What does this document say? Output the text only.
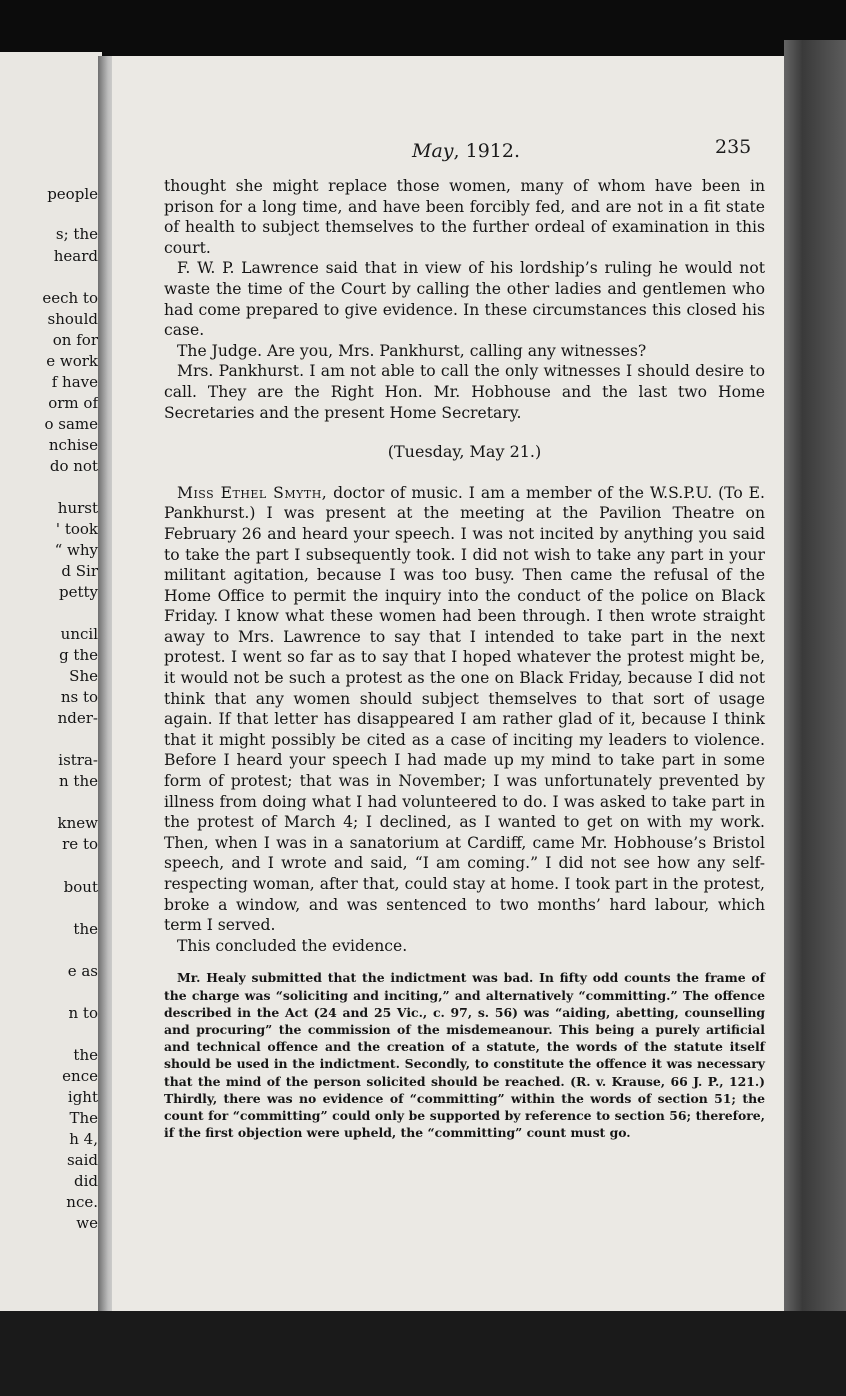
people
s; the
heard
eech to
should
on for
e work
f have
orm of
o same
nchise
do not
hurst
' took
“ why
d Sir
petty
uncil
g the
She
ns to
nder-
istra-
n the
knew
re to
bout
the
e as
n to
the
ence
ight
The
h 4,
said
did
nce.
we
May, 1912.	235

thought she might replace those women, many of whom have been in prison for a long time, and have been forcibly fed, and are not in a fit state of health to subject themselves to the further ordeal of examination in this court.

F. W. P. Lawrence said that in view of his lordship’s ruling he would not waste the time of the Court by calling the other ladies and gentlemen who had come prepared to give evidence. In these circumstances this closed his case.

The Judge. Are you, Mrs. Pankhurst, calling any witnesses?

Mrs. Pankhurst. I am not able to call the only witnesses I should desire to call. They are the Right Hon. Mr. Hobhouse and the last two Home Secretaries and the present Home Secretary.

(Tuesday, May 21.)

Miss Ethel Smyth, doctor of music. I am a member of the W.S.P.U. (To E. Pankhurst.) I was present at the meeting at the Pavilion Theatre on February 26 and heard your speech. I was not incited by anything you said to take the part I subsequently took. I did not wish to take any part in your militant agitation, because I was too busy. Then came the refusal of the Home Office to permit the inquiry into the conduct of the police on Black Friday. I know what these women had been through. I then wrote straight away to Mrs. Lawrence to say that I intended to take part in the next protest. I went so far as to say that I hoped whatever the protest might be, it would not be such a protest as the one on Black Friday, because I did not think that any women should subject themselves to that sort of usage again. If that letter has disappeared I am rather glad of it, because I think that it might possibly be cited as a case of inciting my leaders to violence. Before I heard your speech I had made up my mind to take part in some form of protest; that was in November; I was unfortunately prevented by illness from doing what I had volunteered to do. I was asked to take part in the protest of March 4; I declined, as I wanted to get on with my work. Then, when I was in a sanatorium at Cardiff, came Mr. Hobhouse’s Bristol speech, and I wrote and said, “I am coming.” I did not see how any self-respecting woman, after that, could stay at home. I took part in the protest, broke a window, and was sentenced to two months’ hard labour, which term I served.

This concluded the evidence.

Mr. Healy submitted that the indictment was bad. In fifty odd counts the frame of the charge was “soliciting and inciting,” and alternatively “committing.” The offence described in the Act (24 and 25 Vic., c. 97, s. 56) was “aiding, abetting, counselling and procuring” the commission of the misdemeanour. This being a purely artificial and technical offence and the creation of a statute, the words of the statute itself should be used in the indictment. Secondly, to constitute the offence it was necessary that the mind of the person solicited should be reached. (R. v. Krause, 66 J. P., 121.) Thirdly, there was no evidence of “committing” within the words of section 51; the count for “committing” could only be supported by reference to section 56; therefore, if the first objection were upheld, the “committing” count must go.
